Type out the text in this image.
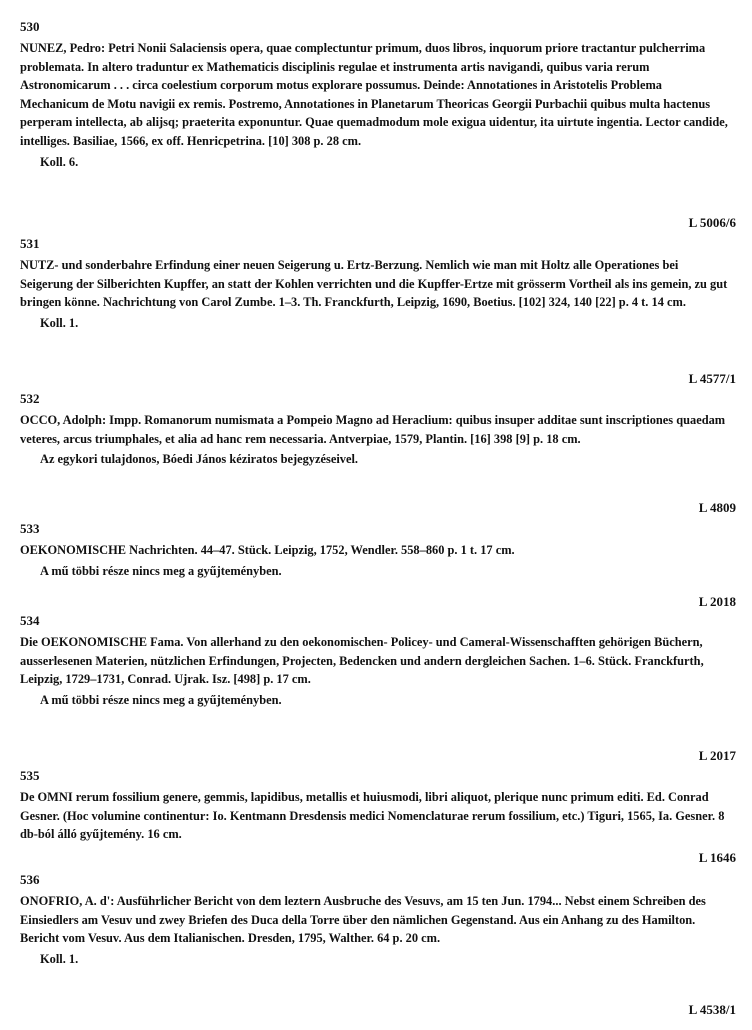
530
NUNEZ, Pedro: Petri Nonii Salaciensis opera, quae complectuntur primum, duos libros, inquorum priore tractantur pulcherrima problemata. In altero traduntur ex Mathematicis disciplinis regulae et instrumenta artis navigandi, quibus varia rerum Astronomicarum . . . circa coelestium corporum motus explorare possumus. Deinde: Annotationes in Aristotelis Problema Mechanicum de Motu navigii ex remis. Postremo, Annotationes in Planetarum Theoricas Georgii Purbachii quibus multa hactenus perperam intellecta, ab alijsq; praeterita exponuntur. Quae quemadmodum mole exigua uidentur, ita uirtute ingentia. Lector candide, intelliges. Basiliae, 1566, ex off. Henricpetrina. [10] 308 p. 28 cm.
Koll. 6.
L 5006/6
531
NUTZ- und sonderbahre Erfindung einer neuen Seigerung u. Ertz-Berzung. Nemlich wie man mit Holtz alle Operationes bei Seigerung der Silberichten Kupffer, an statt der Kohlen verrichten und die Kupffer-Ertze mit grösserm Vortheil als ins gemein, zu gut bringen könne. Nachrichtung von Carol Zumbe. 1–3. Th. Franckfurth, Leipzig, 1690, Boetius. [102] 324, 140 [22] p. 4 t. 14 cm.
Koll. 1.
L 4577/1
532
OCCO, Adolph: Impp. Romanorum numismata a Pompeio Magno ad Heraclium: quibus insuper additae sunt inscriptiones quaedam veteres, arcus triumphales, et alia ad hanc rem necessaria. Antverpiae, 1579, Plantin. [16] 398 [9] p. 18 cm.
Az egykori tulajdonos, Bóedi János kéziratos bejegyzéseivel.
L 4809
533
OEKONOMISCHE Nachrichten. 44–47. Stück. Leipzig, 1752, Wendler. 558–860 p. 1 t. 17 cm.
A mű többi része nincs meg a gyűjteményben.
L 2018
534
Die OEKONOMISCHE Fama. Von allerhand zu den oekonomischen- Policey- und Cameral-Wissenschafften gehörigen Büchern, ausserlesenen Materien, nützlichen Erfindungen, Projecten, Bedencken und andern dergleichen Sachen. 1–6. Stück. Franckfurth, Leipzig, 1729–1731, Conrad. Ujrak. Isz. [498] p. 17 cm.
A mű többi része nincs meg a gyűjteményben.
L 2017
535
De OMNI rerum fossilium genere, gemmis, lapidibus, metallis et huiusmodi, libri aliquot, plerique nunc primum editi. Ed. Conrad Gesner. (Hoc volumine continentur: Io. Kentmann Dresdensis medici Nomenclaturae rerum fossilium, etc.) Tiguri, 1565, Ia. Gesner. 8 db-ból álló gyűjtemény. 16 cm.
L 1646
536
ONOFRIO, A. d': Ausführlicher Bericht von dem leztern Ausbruche des Vesuvs, am 15 ten Jun. 1794... Nebst einem Schreiben des Einsiedlers am Vesuv und zwey Briefen des Duca della Torre über den nämlichen Gegenstand. Aus ein Anhang zu des Hamilton. Bericht vom Vesuv. Aus dem Italianischen. Dresden, 1795, Walther. 64 p. 20 cm.
Koll. 1.
L 4538/1
